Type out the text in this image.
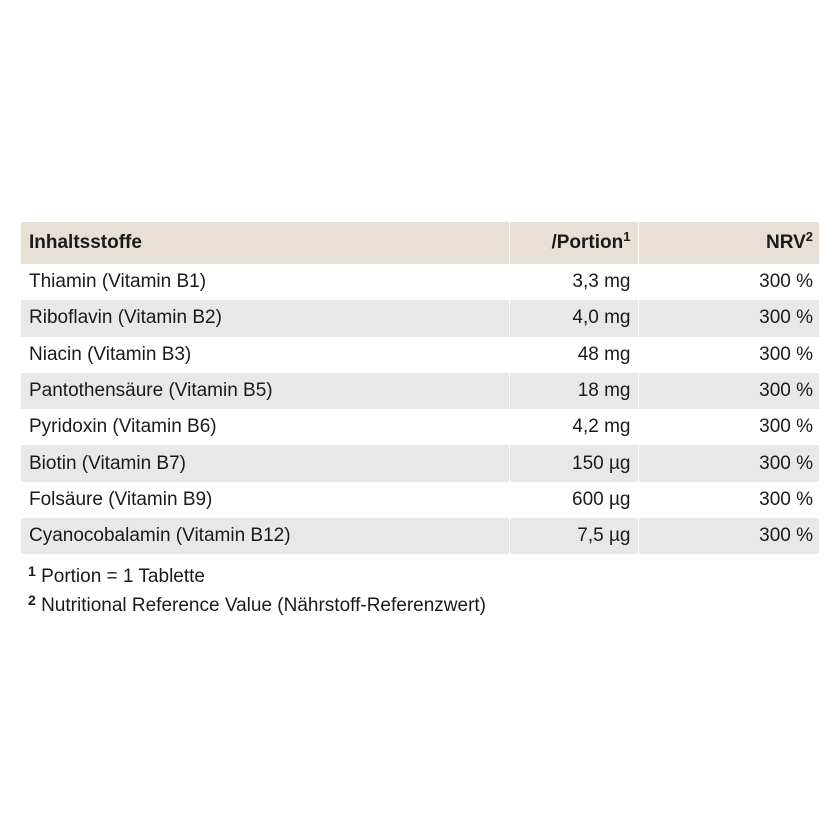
Inhaltsstoffe	/Portion$^1$	NRV$^2$
Thiamin (Vitamin B1)	3,3 mg	300 %
Riboflavin (Vitamin B2)	4,0 mg	300 %
Niacin (Vitamin B3)	48 mg	300 %
Pantothensäure (Vitamin B5)	18 mg	300 %
Pyridoxin (Vitamin B6)	4,2 mg	300 %
Biotin (Vitamin B7)	150 µg	300 %
Folsäure (Vitamin B9)	600 µg	300 %
Cyanocobalamin (Vitamin B12)	7,5 µg	300 %
$^1$ Portion = 1 Tablette
$^2$ Nutritional Reference Value (Nährstoff-Referenzwert)
